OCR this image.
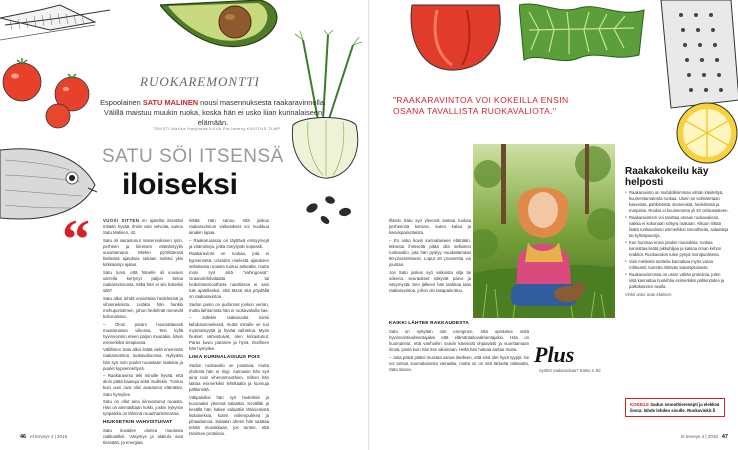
RUOKAREMONTTI
Espoolainen SATU MALINEN nousi masennuksesta raakaravinnolla. Välillä maistuu muukin ruoka, koska hän ei usko liian kurinalaiseen elämään.
TEKSTI Marika Harjumaa KUVA Pia Inberg KUVITUS TLMP
SATU SÖI ITSENSÄ
iloiseksi
“	VUOSI SITTEN en ajatellut itsestäni mitään hyvää. Ilmiin vain velvoita, sanoo Satu Malinen, 42.

Satu oli sairastunut masennukseen työn, perheen ja kiireisen elämäntyylin uuvuttamana. Mielen pyörittäessä kielteisiä ajatuksia sekaan mahtui yksi kirkkaampi ajatus.

Satu tunsi, että hänelle oli vuosien varrella kertynyt paljon tietoa raakaravinnosta. Mikä hän ei siis kokeilisi sitä?

Satu alkoi tehdä ensiotteita hedelmistä ja vihanneksista. Lisäksi hän hankki mehupuristimen, johon hedelmät menevät kokonaisina.

– Oloni parani huomattavasti muutamassa viikossa. Tein kyllä hyvinvoinnin eteen paljon muutakin, kävin esimerkiksi terapiassa.

Välillisten Satu alkoi lisätä vielä enemmän raakaravintoa ruokavalioonsa. Nykyään hän syö noin puolet ruoastaan raakana ja puolet kypsennettynä.

– Raakaravinto teki minulle hyvää, että aloin pitää kaasuja sekä muillekin. Tuntuu kuin uusi oiva olisi avautunut elämääni, Satu hymyilee.

Satu on ollut aina kiinnostunut ruoasta. Hän on ammatiltaan kokki, joskin nykyisin työpaikka on lähinnä ruuanhankinnassa.

HIUKSETKIN VAHVISTUIVAT

Satu kuvailee olonsa muutosta radikaaliksi. Väsymys ja alakulo ovat tiessään, ja energiaa

riittää. Hän sanoo, että joskus raakaravinnon vaikutukset voi nuokkuu ainakin lupaa.

– Raakaruoassa on täyttävä entsyymejä ja vitamiineja, jotka imeytyvät nopeasti.

Raakaravinto on ruokaa, jota ei kypsennetä. Useiden mielestä ajatuksen sellaisesta ruoasta tuntuu ankealta, mutta moni syö siitä "vahingossa". Graanolohihalaatta tai hedelmäsmoothieta nauttiessa ei vain tule ajatelleeksi, että tässä sitä pöydällä on raakaravintoa.

Sadun paino on pudonnut jonkun verran, mutta laihtumista hän ei ruokavaliolla hae.

– Jollekin raakaruoka toimii laihdutusmielessä, mutta minulle se tuo myönteisyyttä ja hyvää vaihtelua. Myös hiukset vahvistuivat, olen kirkastunut. Paras kuvio paranee ja hyvä, Itsellinen hän hymyilee.

LIIKA KURINALAISUUS POIS

Sadun ruokavalio on joustava, mutta yhdestä hän ei tingi. Aamuisin hän syö aina noin viherosmoothien. Siihen hän laittaa esimerkiksi lehtikaalia ja luomuja pähkinöitä.

Välipaloiksi hän syö hedelmiä ja kuonaaksi yleensä salaattia. Kevälläli ja kesällä hän hakee salaattiin lähiniemistä lisäaineksia, kuten voikenpuhkea ja pihaaitamoa. Salaatin oheen hän saattaa tehdä munakkaan, jos tuntee, että tarvitsee proteiinia.

46 et terveys 4 | 2015
"RAAKARAVINTOA VOI KOKEILLA ENSIN OSANA TAVALLISTA RUOKAVALIOTA."

Illaisin Satu syö yleensä samaa ruokaa perheensä kanssa, kuten kalaa ja kasvispainotteista.

– En usko kovin kurinalaiseen elämään. Minusta ihmisellä pitää olla sellainen ruokavalio, jota hän pystyy noudattamaan 80-prosenttisesti. Loput 20 prosenttia voi joustaa.

Jos Satu joskus syö valkoista vilja tai sokeria, seuraukset näkyvät paino ja väsymystä. Sen jälkeen hän tankkaa taas raakaravintoa, johon olo tasapainottuu.

KAIKKI LÄHTEE RAKKAUDESTA

Satu on nykyään niin energinen, että opiskelee sekä hyvinvointivalmentajaksi että elämäntaitovalmentajaksi. Hän on huomannut, että vanhoihin naisiin kävisivät ohjaavasti ja suorittamaan riimiä, joista kuin hän itse aikoinaan. Hellä hän haluaa auttaa muita.

– Joka päivä pitäisi muistaa sanoa itselleen, että sinä olet hyvä tyyppi. Se voi tuntua suomalaisesta vieraalta, mutta se on sitä tärkeää rakkautta, Satu sanoo.

Plus
Syötkö raakaruokaa? Katso s. 82
Raakakokeilu käy helposti
● Raakaravinto on mahdollisimman vähän käsiteltyä, kuumentamatonta ruokaa. Usein se valmistetaan kasveista, pähkinöistä, siemenistä, hedelmistä ja marjoista. Ruokia ei kuumenneta yli 40 celsiusasteen.
● Raakaravinnon voi sovittaa omaan ruokavalioon, vaikka ei kokonaan siirtyisi raakaan. Alkuun riittää lisätä ruokavalioon esimerkiksi smoothieita, salaatteja tai kylmäpuuroja.
● Kun huomaa ensin jotakin muutoksia, ruokaa kannattaa lisätä pikkuhiljaa ja katsoa oman kehon reaktiot. Ruokavalion tulee pysyä monipuolisena.
● Vain mieleisiä tuotteita kannattaa myös varaa rohkeasti, tuoretta riittävän kasvispitoisesti.
● Raakaravinnossa on usein vähän proteiinia, joten siitä kannattaa huolehtia esimerkiksi pähkinöiden ja palkokasvien avulla.
Vinkit antoi Satu Malinen.
KOKEILE Sadun smoothieresepti ja elekkeä ilosta: lähde lehden sivulle. Ruokavinkit.fi
et terveys 4 | 2015 47
